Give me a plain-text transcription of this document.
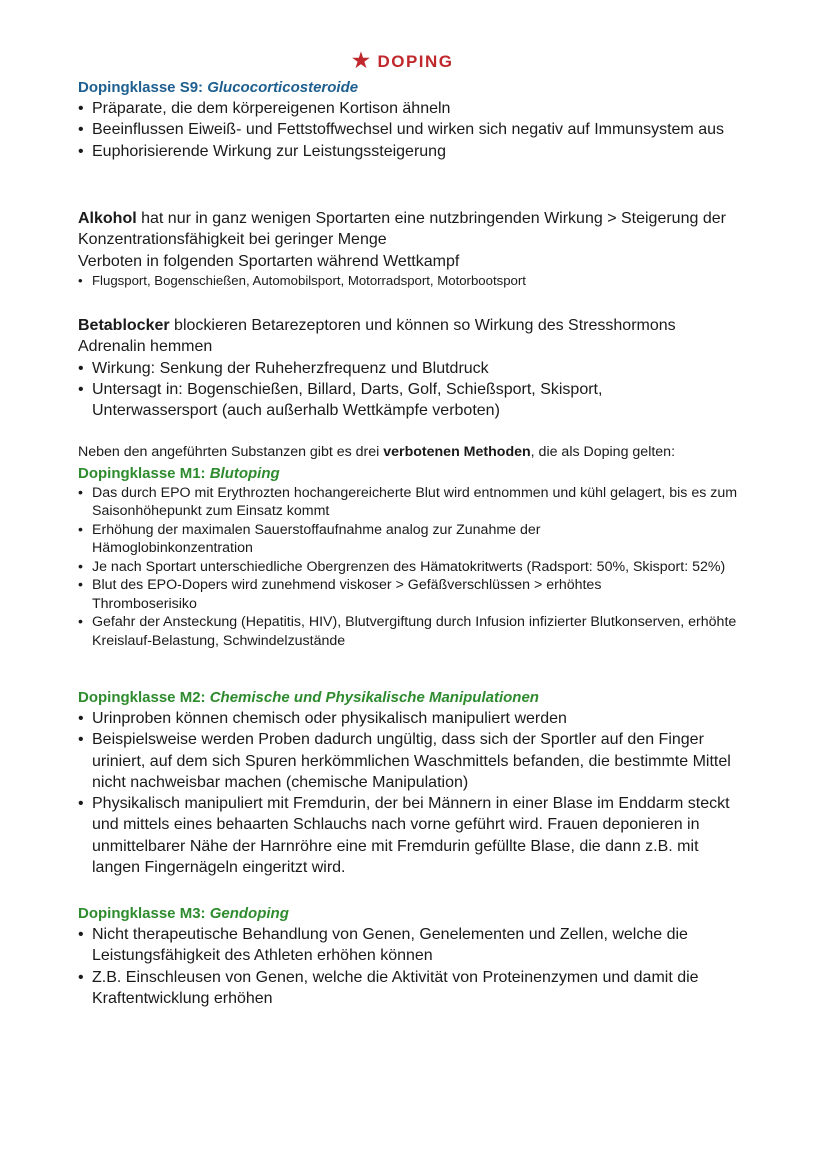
★ DOPING
Dopingklasse S9: Glucocorticosteroide
• Präparate, die dem körpereigenen Kortison ähneln
• Beeinflussen Eiweiß- und Fettstoffwechsel und wirken sich negativ auf Immunsystem aus
• Euphorisierende Wirkung zur Leistungssteigerung

Alkohol hat nur in ganz wenigen Sportarten eine nutzbringenden Wirkung > Steigerung der Konzentrationsfähigkeit bei geringer Menge

Verboten in folgenden Sportarten während Wettkampf

• Flugsport, Bogenschießen, Automobilsport, Motorradsport, Motorbootsport

Betablocker blockieren Betarezeptoren und können so Wirkung des Stresshormons Adrenalin hemmen

• Wirkung: Senkung der Ruheherzfrequenz und Blutdruck
• Untersagt in: Bogenschießen, Billard, Darts, Golf, Schießsport, Skisport, Unterwassersport (auch außerhalb Wettkämpfe verboten)

Neben den angeführten Substanzen gibt es drei verbotenen Methoden, die als Doping gelten:

Dopingklasse M1: Blutoping
• Das durch EPO mit Erythrozten hochangereicherte Blut wird entnommen und kühl gelagert, bis es zum Saisonhöhepunkt zum Einsatz kommt
• Erhöhung der maximalen Sauerstoffaufnahme analog zur Zunahme der Hämoglobinkonzentration
• Je nach Sportart unterschiedliche Obergrenzen des Hämatokritwerts (Radsport: 50%, Skisport: 52%)
• Blut des EPO-Dopers wird zunehmend viskoser > Gefäßverschlüssen > erhöhtes Thromboserisiko
• Gefahr der Ansteckung (Hepatitis, HIV), Blutvergiftung durch Infusion infizierter Blutkonserven, erhöhte Kreislauf-Belastung, Schwindelzustände
Dopingklasse M2: Chemische und Physikalische Manipulationen
• Urinproben können chemisch oder physikalisch manipuliert werden
• Beispielsweise werden Proben dadurch ungültig, dass sich der Sportler auf den Finger uriniert, auf dem sich Spuren herkömmlichen Waschmittels befanden, die bestimmte Mittel nicht nachweisbar machen (chemische Manipulation)
• Physikalisch manipuliert mit Fremdurin, der bei Männern in einer Blase im Enddarm steckt und mittels eines behaarten Schlauchs nach vorne geführt wird. Frauen deponieren in unmittelbarer Nähe der Harnröhre eine mit Fremdurin gefüllte Blase, die dann z.B. mit langen Fingernägeln eingeritzt wird.
Dopingklasse M3: Gendoping
• Nicht therapeutische Behandlung von Genen, Genelementen und Zellen, welche die Leistungsfähigkeit des Athleten erhöhen können
• Z.B. Einschleusen von Genen, welche die Aktivität von Proteinenzymen und damit die Kraftentwicklung erhöhen
